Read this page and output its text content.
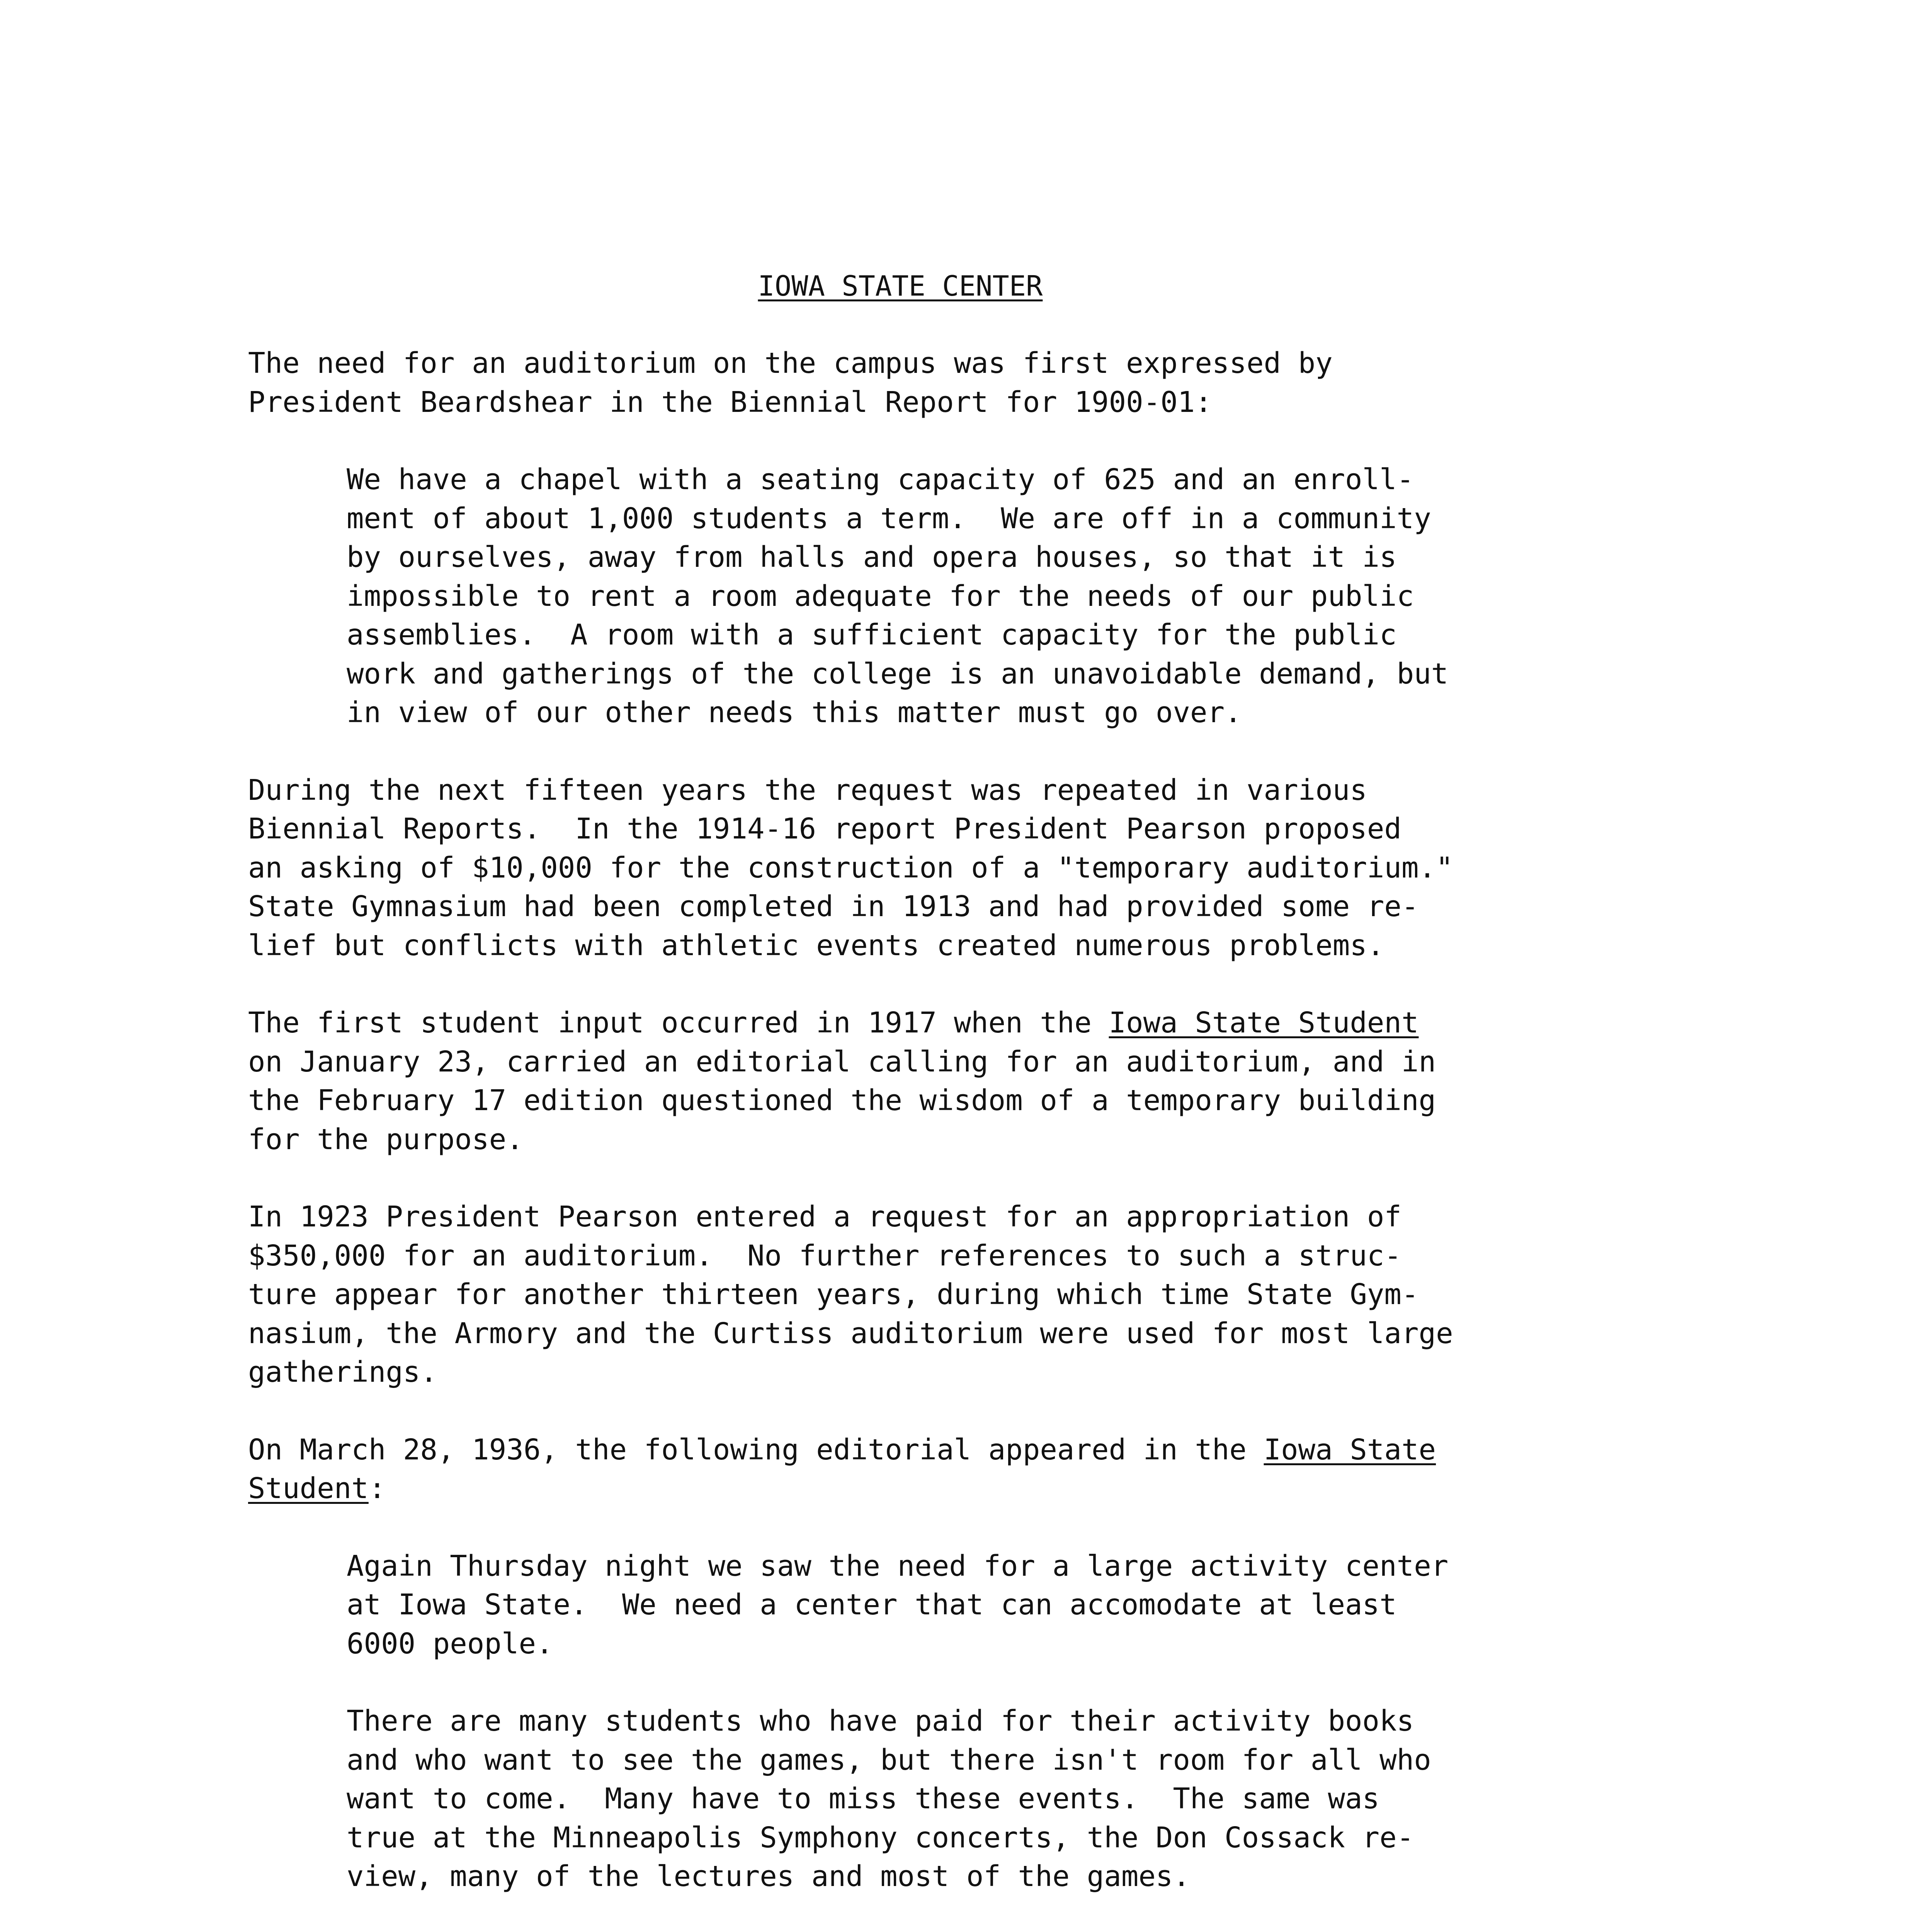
IOWA STATE CENTER
The need for an auditorium on the campus was first expressed by
President Beardshear in the Biennial Report for 1900-01:

We have a chapel with a seating capacity of 625 and an enroll-
ment of about 1,000 students a term.  We are off in a community
by ourselves, away from halls and opera houses, so that it is
impossible to rent a room adequate for the needs of our public
assemblies.  A room with a sufficient capacity for the public
work and gatherings of the college is an unavoidable demand, but
in view of our other needs this matter must go over.

During the next fifteen years the request was repeated in various
Biennial Reports.  In the 1914-16 report President Pearson proposed
an asking of $10,000 for the construction of a "temporary auditorium."
State Gymnasium had been completed in 1913 and had provided some re-
lief but conflicts with athletic events created numerous problems.
The first student input occurred in 1917 when the Iowa State Student
on January 23, carried an editorial calling for an auditorium, and in
the February 17 edition questioned the wisdom of a temporary building
for the purpose.
In 1923 President Pearson entered a request for an appropriation of
$350,000 for an auditorium.  No further references to such a struc-
ture appear for another thirteen years, during which time State Gym-
nasium, the Armory and the Curtiss auditorium were used for most large
gatherings.
On March 28, 1936, the following editorial appeared in the Iowa State
Student:

Again Thursday night we saw the need for a large activity center
at Iowa State.  We need a center that can accomodate at least
6000 people.

There are many students who have paid for their activity books
and who want to see the games, but there isn't room for all who
want to come.  Many have to miss these events.  The same was
true at the Minneapolis Symphony concerts, the Don Cossack re-
view, many of the lectures and most of the games.
